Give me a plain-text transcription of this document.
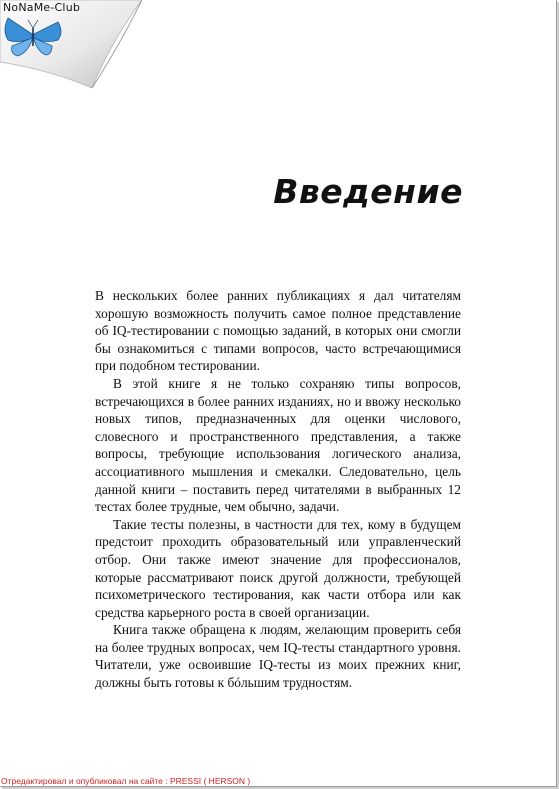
NoNaMe-Club
Введение

В нескольких более ранних публикациях я дал читателям хорошую возможность получить самое полное представление об IQ-тестировании с помощью заданий, в которых они смогли бы ознакомиться с типами вопросов, часто встречающимися при подобном тестировании.

В этой книге я не только сохраняю типы вопросов, встречающихся в более ранних изданиях, но и ввожу несколько новых типов, предназначенных для оценки числового, словесного и пространственного представления, а также вопросы, требующие использования логического анализа, ассоциативного мышления и смекалки. Следовательно, цель данной книги – поставить перед читателями в выбранных 12 тестах более трудные, чем обычно, задачи.

Такие тесты полезны, в частности для тех, кому в будущем предстоит проходить образовательный или управленческий отбор. Они также имеют значение для профессионалов, которые рассматривают поиск другой должности, требующей психометрического тестирования, как части отбора или как средства карьерного роста в своей организации.

Книга также обращена к людям, желающим проверить себя на более трудных вопросах, чем IQ-тесты стандартного уровня. Читатели, уже освоившие IQ-тесты из моих прежних книг, должны быть готовы к бóльшим трудностям.

Отредактировал и опубликовал на сайте : PRESSI ( HERSON )
